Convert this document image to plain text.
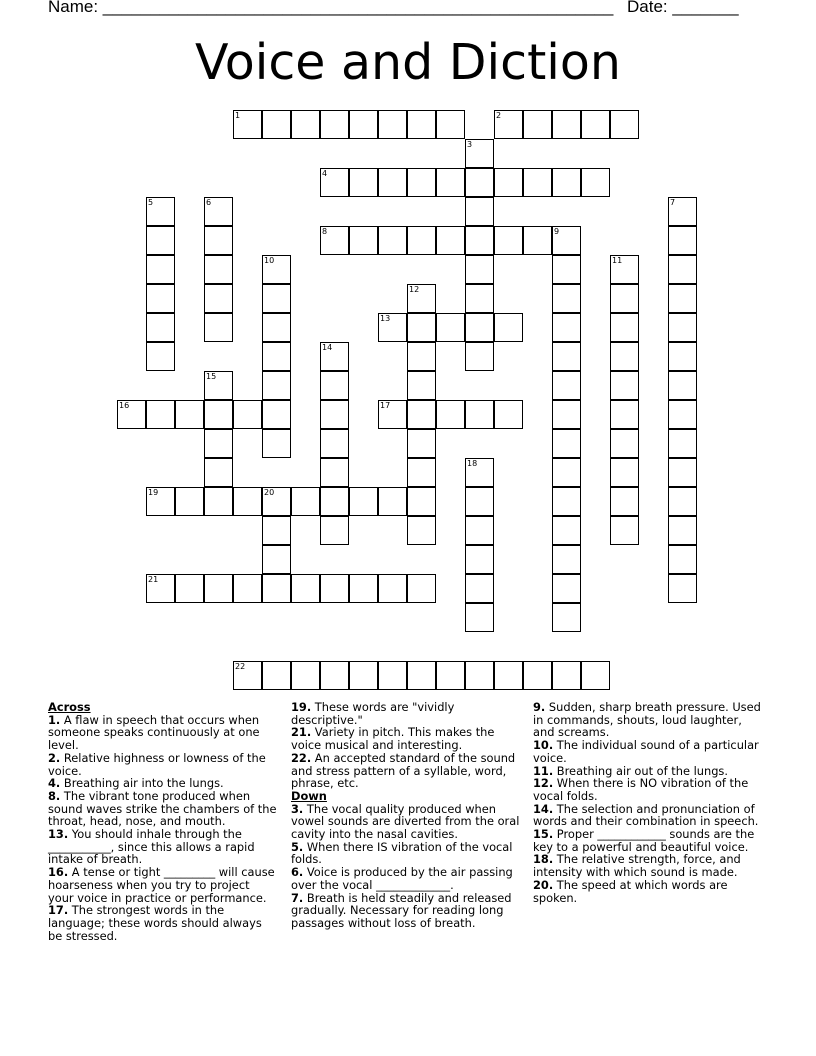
Name: ______________________________________________________ Date: _______
Voice and Diction
1	2
3
4
5	6	7
8	9
10	11
12
13
14
15
16	17
18
19	20
21
22

Across

1. A flaw in speech that occurs when someone speaks continuously at one level.

2. Relative highness or lowness of the voice.

4. Breathing air into the lungs.

8. The vibrant tone produced when sound waves strike the chambers of the throat, head, nose, and mouth.

13. You should inhale through the ___________, since this allows a rapid intake of breath.

16. A tense or tight _________ will cause hoarseness when you try to project your voice in practice or performance.

17. The strongest words in the language; these words should always be stressed.

19. These words are "vividly descriptive."

21. Variety in pitch. This makes the voice musical and interesting.

22. An accepted standard of the sound and stress pattern of a syllable, word, phrase, etc.

Down

3. The vocal quality produced when vowel sounds are diverted from the oral cavity into the nasal cavities.

5. When there IS vibration of the vocal folds.

6. Voice is produced by the air passing over the vocal _____________.

7. Breath is held steadily and released gradually. Necessary for reading long passages without loss of breath.

9. Sudden, sharp breath pressure. Used in commands, shouts, loud laughter, and screams.

10. The individual sound of a particular voice.

11. Breathing air out of the lungs.

12. When there is NO vibration of the vocal folds.

14. The selection and pronunciation of words and their combination in speech.

15. Proper ____________ sounds are the key to a powerful and beautiful voice.

18. The relative strength, force, and intensity with which sound is made.

20. The speed at which words are spoken.
